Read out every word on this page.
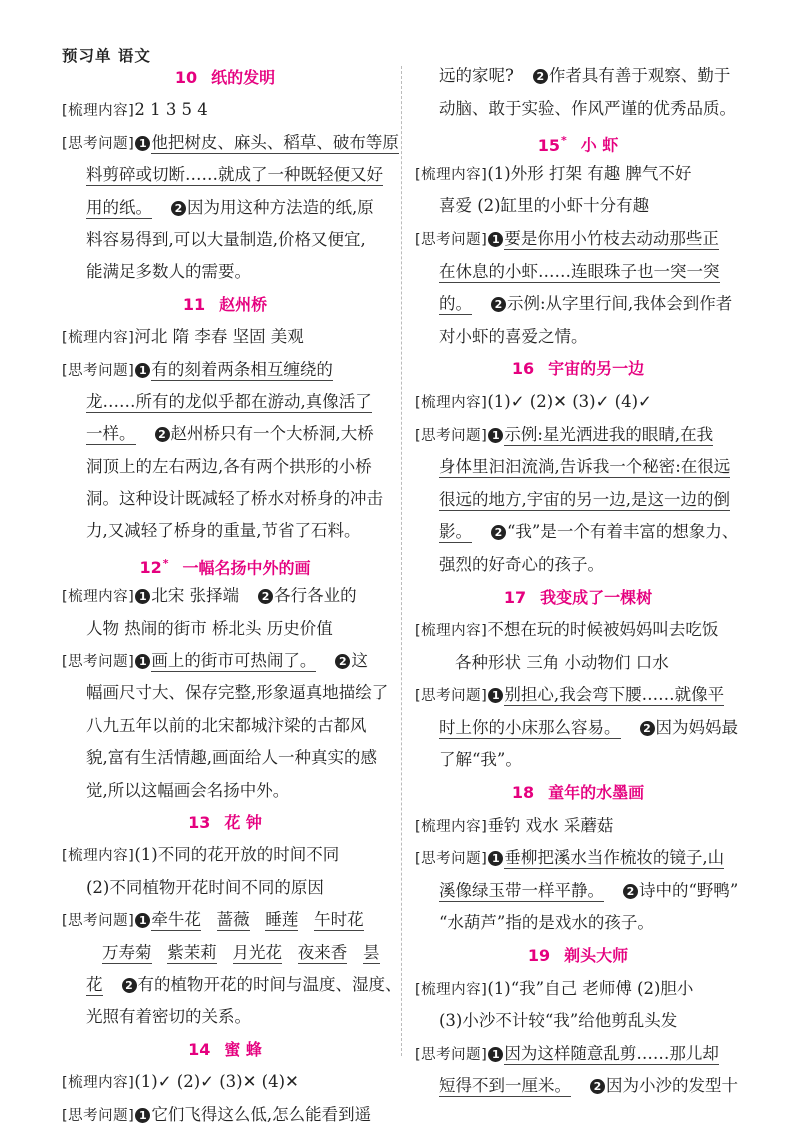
预习单 语文
10 纸的发明
[梳理内容]2 1 3 5 4
[思考问题] 1 他把树皮、麻头、稻草、破布等原
料剪碎或切断……就成了一种既轻便又好
用的纸。 2 因为用这种方法造的纸,原
料容易得到,可以大量制造,价格又便宜,
能满足多数人的需要。
11 赵州桥
[梳理内容]河北 隋 李春 坚固 美观
[思考问题] 1 有的刻着两条相互缠绕的
龙……所有的龙似乎都在游动,真像活了
一样。 2 赵州桥只有一个大桥洞,大桥
洞顶上的左右两边,各有两个拱形的小桥
洞。这种设计既减轻了桥水对桥身的冲击
力,又减轻了桥身的重量,节省了石料。
12* 一幅名扬中外的画
[梳理内容] 1 北宋 张择端 2 各行各业的
人物 热闹的街市 桥北头 历史价值
[思考问题] 1 画上的街市可热闹了。 2 这
幅画尺寸大、保存完整,形象逼真地描绘了
八九五年以前的北宋都城汴梁的古都风
貌,富有生活情趣,画面给人一种真实的感
觉,所以这幅画会名扬中外。
13 花 钟
[梳理内容](1)不同的花开放的时间不同
(2)不同植物开花时间不同的原因
[思考问题] 1 牵牛花 蔷薇 睡莲 午时花
万寿菊 紫茉莉 月光花 夜来香 昙
花 2 有的植物开花的时间与温度、湿度、
光照有着密切的关系。
14 蜜 蜂
[梳理内容](1)✓ (2)✓ (3)✕ (4)✕
[思考问题] 1 它们飞得这么低,怎么能看到遥
远的家呢? 2 作者具有善于观察、勤于
动脑、敢于实验、作风严谨的优秀品质。
15* 小 虾
[梳理内容](1)外形 打架 有趣 脾气不好
喜爱 (2)缸里的小虾十分有趣
[思考问题] 1 要是你用小竹枝去动动那些正
在休息的小虾……连眼珠子也一突一突
的。 2 示例:从字里行间,我体会到作者
对小虾的喜爱之情。
16 宇宙的另一边
[梳理内容](1)✓ (2)✕ (3)✓ (4)✓
[思考问题] 1 示例:星光洒进我的眼睛,在我
身体里汩汩流淌,告诉我一个秘密:在很远
很远的地方,宇宙的另一边,是这一边的倒
影。 2 “我”是一个有着丰富的想象力、
强烈的好奇心的孩子。
17 我变成了一棵树
[梳理内容]不想在玩的时候被妈妈叫去吃饭
各种形状 三角 小动物们 口水
[思考问题] 1 别担心,我会弯下腰……就像平
时上你的小床那么容易。 2 因为妈妈最
了解“我”。
18 童年的水墨画
[梳理内容]垂钓 戏水 采蘑菇
[思考问题] 1 垂柳把溪水当作梳妆的镜子,山
溪像绿玉带一样平静。 2 诗中的“野鸭”
“水葫芦”指的是戏水的孩子。
19 剃头大师
[梳理内容](1)“我”自己 老师傅 (2)胆小
(3)小沙不计较“我”给他剪乱头发
[思考问题] 1 因为这样随意乱剪……那儿却
短得不到一厘米。 2 因为小沙的发型十
